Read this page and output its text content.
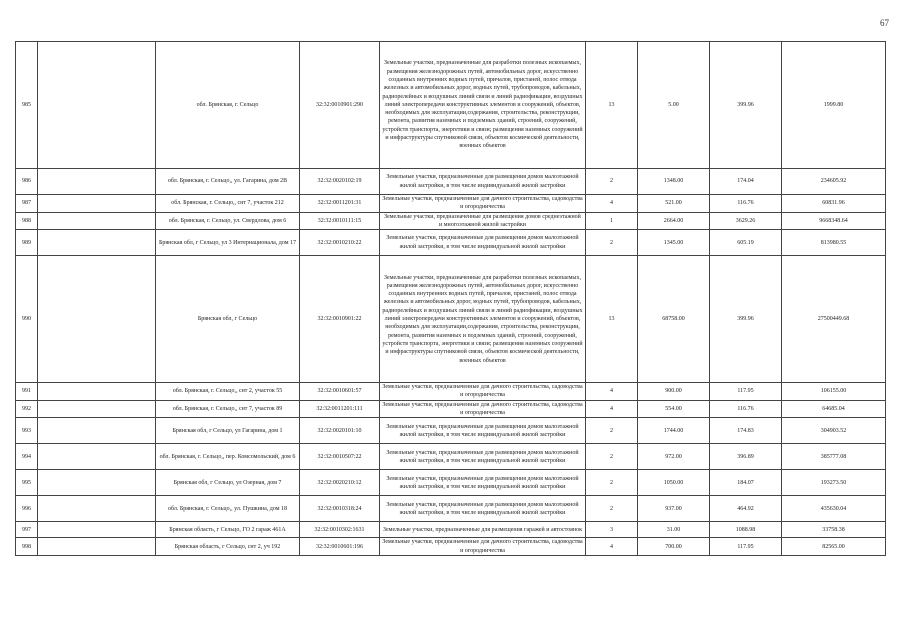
67
985		обл. Брянская, г. Сельцо	32:32:0010901:290	Земельные участки, предназначенные для разработки полезных ископаемых, размещения железнодорожных путей, автомобильных дорог, искусственно созданных внутренних водных путей, причалов, пристаней, полос отвода железных и автомобильных дорог, водных путей, трубопроводов, кабельных, радиорелейных и воздушных линий связи и линий радиофикации, воздушных линий электропередачи конструктивных элементов и сооружений, объектов, необходимых для эксплуатации,содержания, строительства, реконструкции, ремонта, развития наземных и подземных зданий, строений, сооружений, устройств транспорта, энергетики и связи; размещения наземных сооружений и инфраструктуры спутниковой связи, объектов космической деятельности, военных объектов	13	5.00	399.96	1999.80
986		обл. Брянская, г. Сельцо,, ул. Гагарина, дом 2В	32:32:0020102:19	Земельные участки, предназначенные для размещения домов малоэтажной жилой застройки, в том числе индивидуальной жилой застройки	2	1348.00	174.04	234605.92
987		обл. Брянская, г. Сельцо,, снт 7, участок 212	32:32:0011201:31	Земельные участки, предназначенные для дачного строительства, садоводства и огородничества	4	521.00	116.76	60831.96
988		обл. Брянская, г. Сельцо, ул. Свердлова, дом 6	32:32:0010111:15	Земельные участки, предназначенные для размещения домов среднеэтажной и многоэтажной жилой застройки	1	2664.00	3629.26	9668348.64
989		Брянская обл, г Сельцо, ул 3 Интернационала, дом 17	32:32:0010210:22	Земельные участки, предназначенные для размещения домов малоэтажной жилой застройки, в том числе индивидуальной жилой застройки	2	1345.00	605.19	813980.55
990		Брянская обл, г Сельцо	32:32:0010901:22	Земельные участки, предназначенные для разработки полезных ископаемых, размещения железнодорожных путей, автомобильных дорог, искусственно созданных внутренних водных путей, причалов, пристаней, полос отвода железных и автомобильных дорог, водных путей, трубопроводов, кабельных, радиорелейных и воздушных линий связи и линий радиофикации, воздушных линий электропередачи конструктивных элементов и сооружений, объектов, необходимых для эксплуатации,содержания, строительства, реконструкции, ремонта, развития наземных и подземных зданий, строений, сооружений, устройств транспорта, энергетики и связи; размещения наземных сооружений и инфраструктуры спутниковой связи, объектов космической деятельности, военных объектов	13	68758.00	399.96	27500449.68
991		обл. Брянская, г. Сельцо,, снт 2, участок 55	32:32:0010601:57	Земельные участки, предназначенные для дачного строительства, садоводства и огородничества	4	900.00	117.95	106155.00
992		обл. Брянская, г. Сельцо,, снт 7, участок 89	32:32:0011201:111	Земельные участки, предназначенные для дачного строительства, садоводства и огородничества	4	554.00	116.76	64685.04
993		Брянская обл, г Сельцо, ул Гагарина, дом 1	32:32:0020101:10	Земельные участки, предназначенные для размещения домов малоэтажной жилой застройки, в том числе индивидуальной жилой застройки	2	1744.00	174.83	304903.52
994		обл. Брянская, г. Сельцо,, пер. Комсомольский, дом 6	32:32:0010507:22	Земельные участки, предназначенные для размещения домов малоэтажной жилой застройки, в том числе индивидуальной жилой застройки	2	972.00	396.89	385777.08
995		Брянская обл, г Сельцо, ул Озерная, дом 7	32:32:0020210:12	Земельные участки, предназначенные для размещения домов малоэтажной жилой застройки, в том числе индивидуальной жилой застройки	2	1050.00	184.07	193273.50
996		обл. Брянская, г. Сельцо,, ул. Пушкина, дом 18	32:32:0010318:24	Земельные участки, предназначенные для размещения домов малоэтажной жилой застройки, в том числе индивидуальной жилой застройки	2	937.00	464.92	435630.04
997		Брянская область, г Сельцо, ГО 2 гараж 461А	32:32:0010302:1631	Земельные участки, предназначенные для размещения гаражей и автостоянок	3	31.00	1088.98	33758.38
998		Брянская область, г Сельцо, снт 2, уч 192	32:32:0010601:196	Земельные участки, предназначенные для дачного строительства, садоводства и огородничества	4	700.00	117.95	82565.00
